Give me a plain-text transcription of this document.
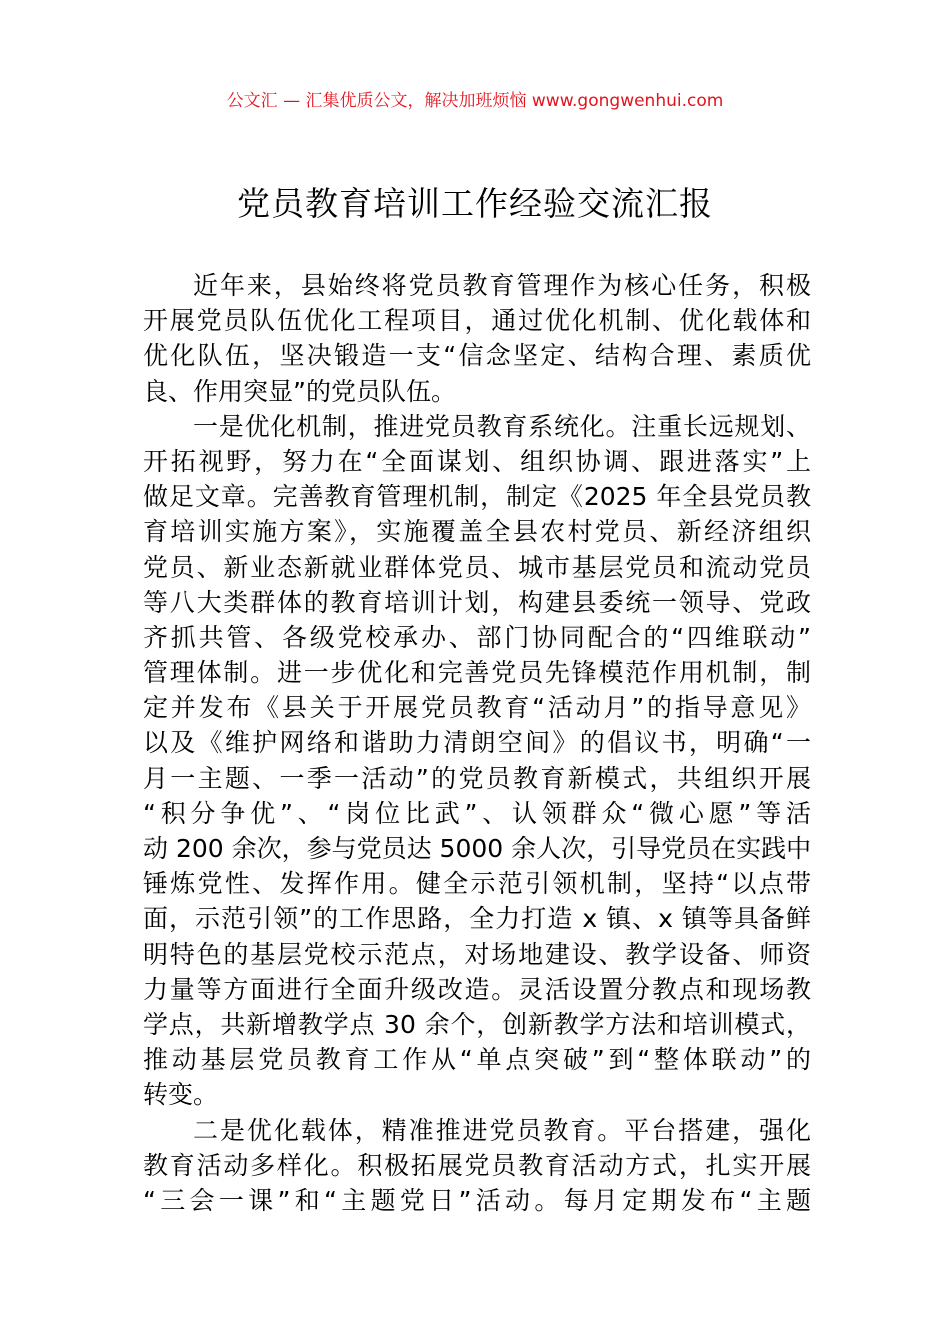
公文汇 — 汇集优质公文，解决加班烦恼 www.gongwenhui.com
党员教育培训工作经验交流汇报
近年来，县始终将党员教育管理作为核心任务，积极
开展党员队伍优化工程项目，通过优化机制、优化载体和
优化队伍，坚决锻造一支“信念坚定、结构合理、素质优
良、作用突显”的党员队伍。
一是优化机制，推进党员教育系统化。注重长远规划、
开拓视野，努力在“全面谋划、组织协调、跟进落实”上
做足文章。完善教育管理机制，制定《2025 年全县党员教
育培训实施方案》，实施覆盖全县农村党员、新经济组织
党员、新业态新就业群体党员、城市基层党员和流动党员
等八大类群体的教育培训计划，构建县委统一领导、党政
齐抓共管、各级党校承办、部门协同配合的“四维联动”
管理体制。进一步优化和完善党员先锋模范作用机制，制
定并发布《县关于开展党员教育“活动月”的指导意见》
以及《维护网络和谐助力清朗空间》的倡议书，明确“一
月一主题、一季一活动”的党员教育新模式，共组织开展
“积分争优”、“岗位比武”、认领群众“微心愿”等活
动 200 余次，参与党员达 5000 余人次，引导党员在实践中
锤炼党性、发挥作用。健全示范引领机制，坚持“以点带
面，示范引领”的工作思路，全力打造 x 镇、x 镇等具备鲜
明特色的基层党校示范点，对场地建设、教学设备、师资
力量等方面进行全面升级改造。灵活设置分教点和现场教
学点，共新增教学点 30 余个，创新教学方法和培训模式，
推动基层党员教育工作从“单点突破”到“整体联动”的
转变。
二是优化载体，精准推进党员教育。平台搭建，强化
教育活动多样化。积极拓展党员教育活动方式，扎实开展
“三会一课”和“主题党日”活动。每月定期发布“主题
